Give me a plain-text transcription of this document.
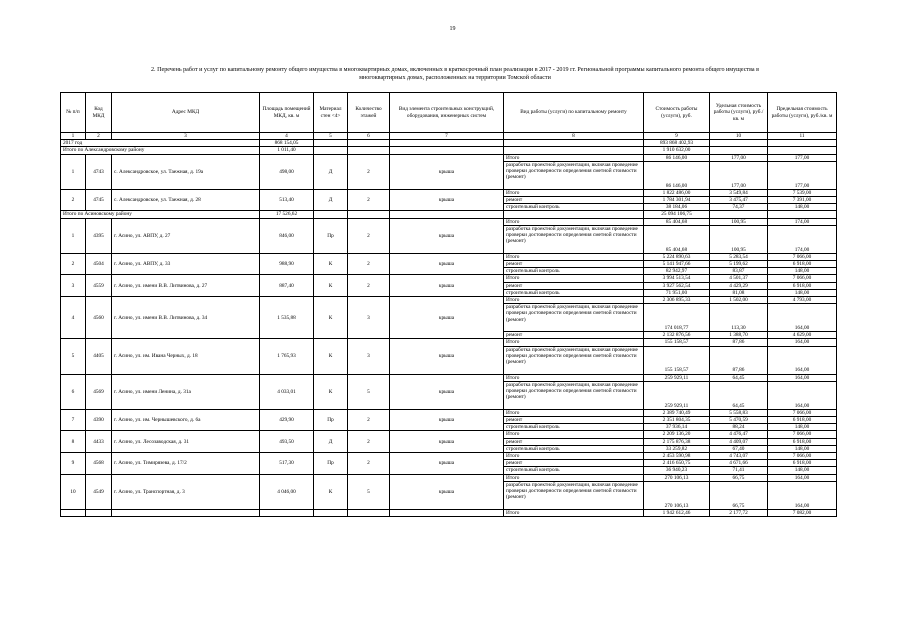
19
2. Перечень работ и услуг по капитальному ремонту общего имущества в многоквартирных домах, включенных в краткосрочный план реализации в 2017 - 2019 гг. Региональной программы капитального ремонта общего имущества в
многоквартирных домах, расположенных на территории Томской области
№ п/п	Код МКД	Адрес МКД	Площадь помещений МКД, кв. м	Материал стен <4>	Количество этажей	Вид элемента строительных конструкций, оборудования, инженерных систем	Вид работы (услуги) по капитальному ремонту	Стоимость работы (услуги), руб.	Удельная стоимость работы (услуги), руб./кв. м	Предельная стоимость работы (услуги), руб./кв. м
1	2	3	4	5	6	7	8	9	10	11
2017 год			868 154,05					893 868 402,93		
Итого по Александровскому району			1 011,40					1 910 632,00		
1	4743	с. Александровское, ул. Таежная, д. 19а	498,00	Д	2	крыша	Итого	86 146,00	177,00	177,00
							разработка проектной документации, включая проведение проверки достоверности определения сметной стоимости (ремонт)	86 146,00	177,00	177,00
2	4745	с. Александровское, ул. Таежная, д. 28	513,40	Д	2	крыша	Итого	1 822 486,00	3 549,84	7 539,00
							ремонт	1 784 301,94	3 475,47	7 391,00
							строительный контроль	38 184,06	74,37	148,00
Итого по Асиновскому району			17 526,62					25 094 106,75		
1	4395	г. Асино, ул. АВПУ, д. 27	846,00	Пр	2	крыша	Итого	85 404,68	100,95	174,00
							разработка проектной документации, включая проведение проверки достоверности определения сметной стоимости (ремонт)	85 404,68	100,95	174,00
2	4504	г. Асино, ул. АВПУ, д. 33	988,90	К	2	крыша	Итого	5 224 890,63	5 283,54	7 066,00
							ремонт	5 141 947,66	5 199,62	6 918,00
							строительный контроль	82 942,97	83,87	148,00
3	4559	г. Асино, ул. имени В.В. Литвинова, д. 27	887,40	К	2	крыша	Итого	3 994 513,54	4 501,37	7 066,00
							ремонт	3 927 562,54	4 429,29	6 918,00
							строительный контроль	71 951,00	81,08	148,00
4	4560	г. Асино, ул. имени В.В. Литвинова, д. 34	1 535,88	К	3	крыша	Итого	2 306 895,33	1 502,00	4 793,00
							разработка проектной документации, включая проведение проверки достоверности определения сметной стоимости (ремонт)	174 018,77	113,30	164,00
							ремонт	2 132 876,56	1 388,70	4 629,00
5	4405	г. Асино, ул. им. Ивана Черных, д. 18	1 765,93	К	3	крыша	Итого	155 158,57	87,86	164,00
							разработка проектной документации, включая проведение проверки достоверности определения сметной стоимости (ремонт)	155 158,57	87,86	164,00
6	4569	г. Асино, ул. имени Ленина, д. 31а	4 033,01	К	5	крыша	Итого	259 929,11	64,45	164,00
							разработка проектной документации, включая проведение проверки достоверности определения сметной стоимости (ремонт)	259 929,11	64,45	164,00
7	4390	г. Асино, ул. им. Чернышевского, д. 6а	429,90	Пр	2	крыша	Итого	2 389 740,49	5 558,83	7 066,00
							ремонт	2 351 804,35	5 470,59	6 918,00
							строительный контроль	37 936,14	88,24	148,00
8	4433	г. Асино, ул. Лесозаводская, д. 31	493,50	Д	2	крыша	Итого	2 209 136,20	4 476,47	7 066,00
							ремонт	2 175 876,38	4 409,07	6 918,00
							строительный контроль	33 259,82	67,40	148,00
9	4568	г. Асино, ул. Тимирязева, д. 17/2	517,30	Пр	2	крыша	Итого	2 453 590,98	4 743,07	7 066,00
							ремонт	2 416 650,75	4 671,66	6 918,00
							строительный контроль	36 940,23	71,41	148,00
10	4549	г. Асино, ул. Транспортная, д. 3	4 046,00	К	5	крыша	Итого	270 106,13	66,75	164,00
							разработка проектной документации, включая проведение проверки достоверности определения сметной стоимости (ремонт)	270 106,13	66,75	164,00
							Итого	1 942 612,46	2 177,72	7 082,00
